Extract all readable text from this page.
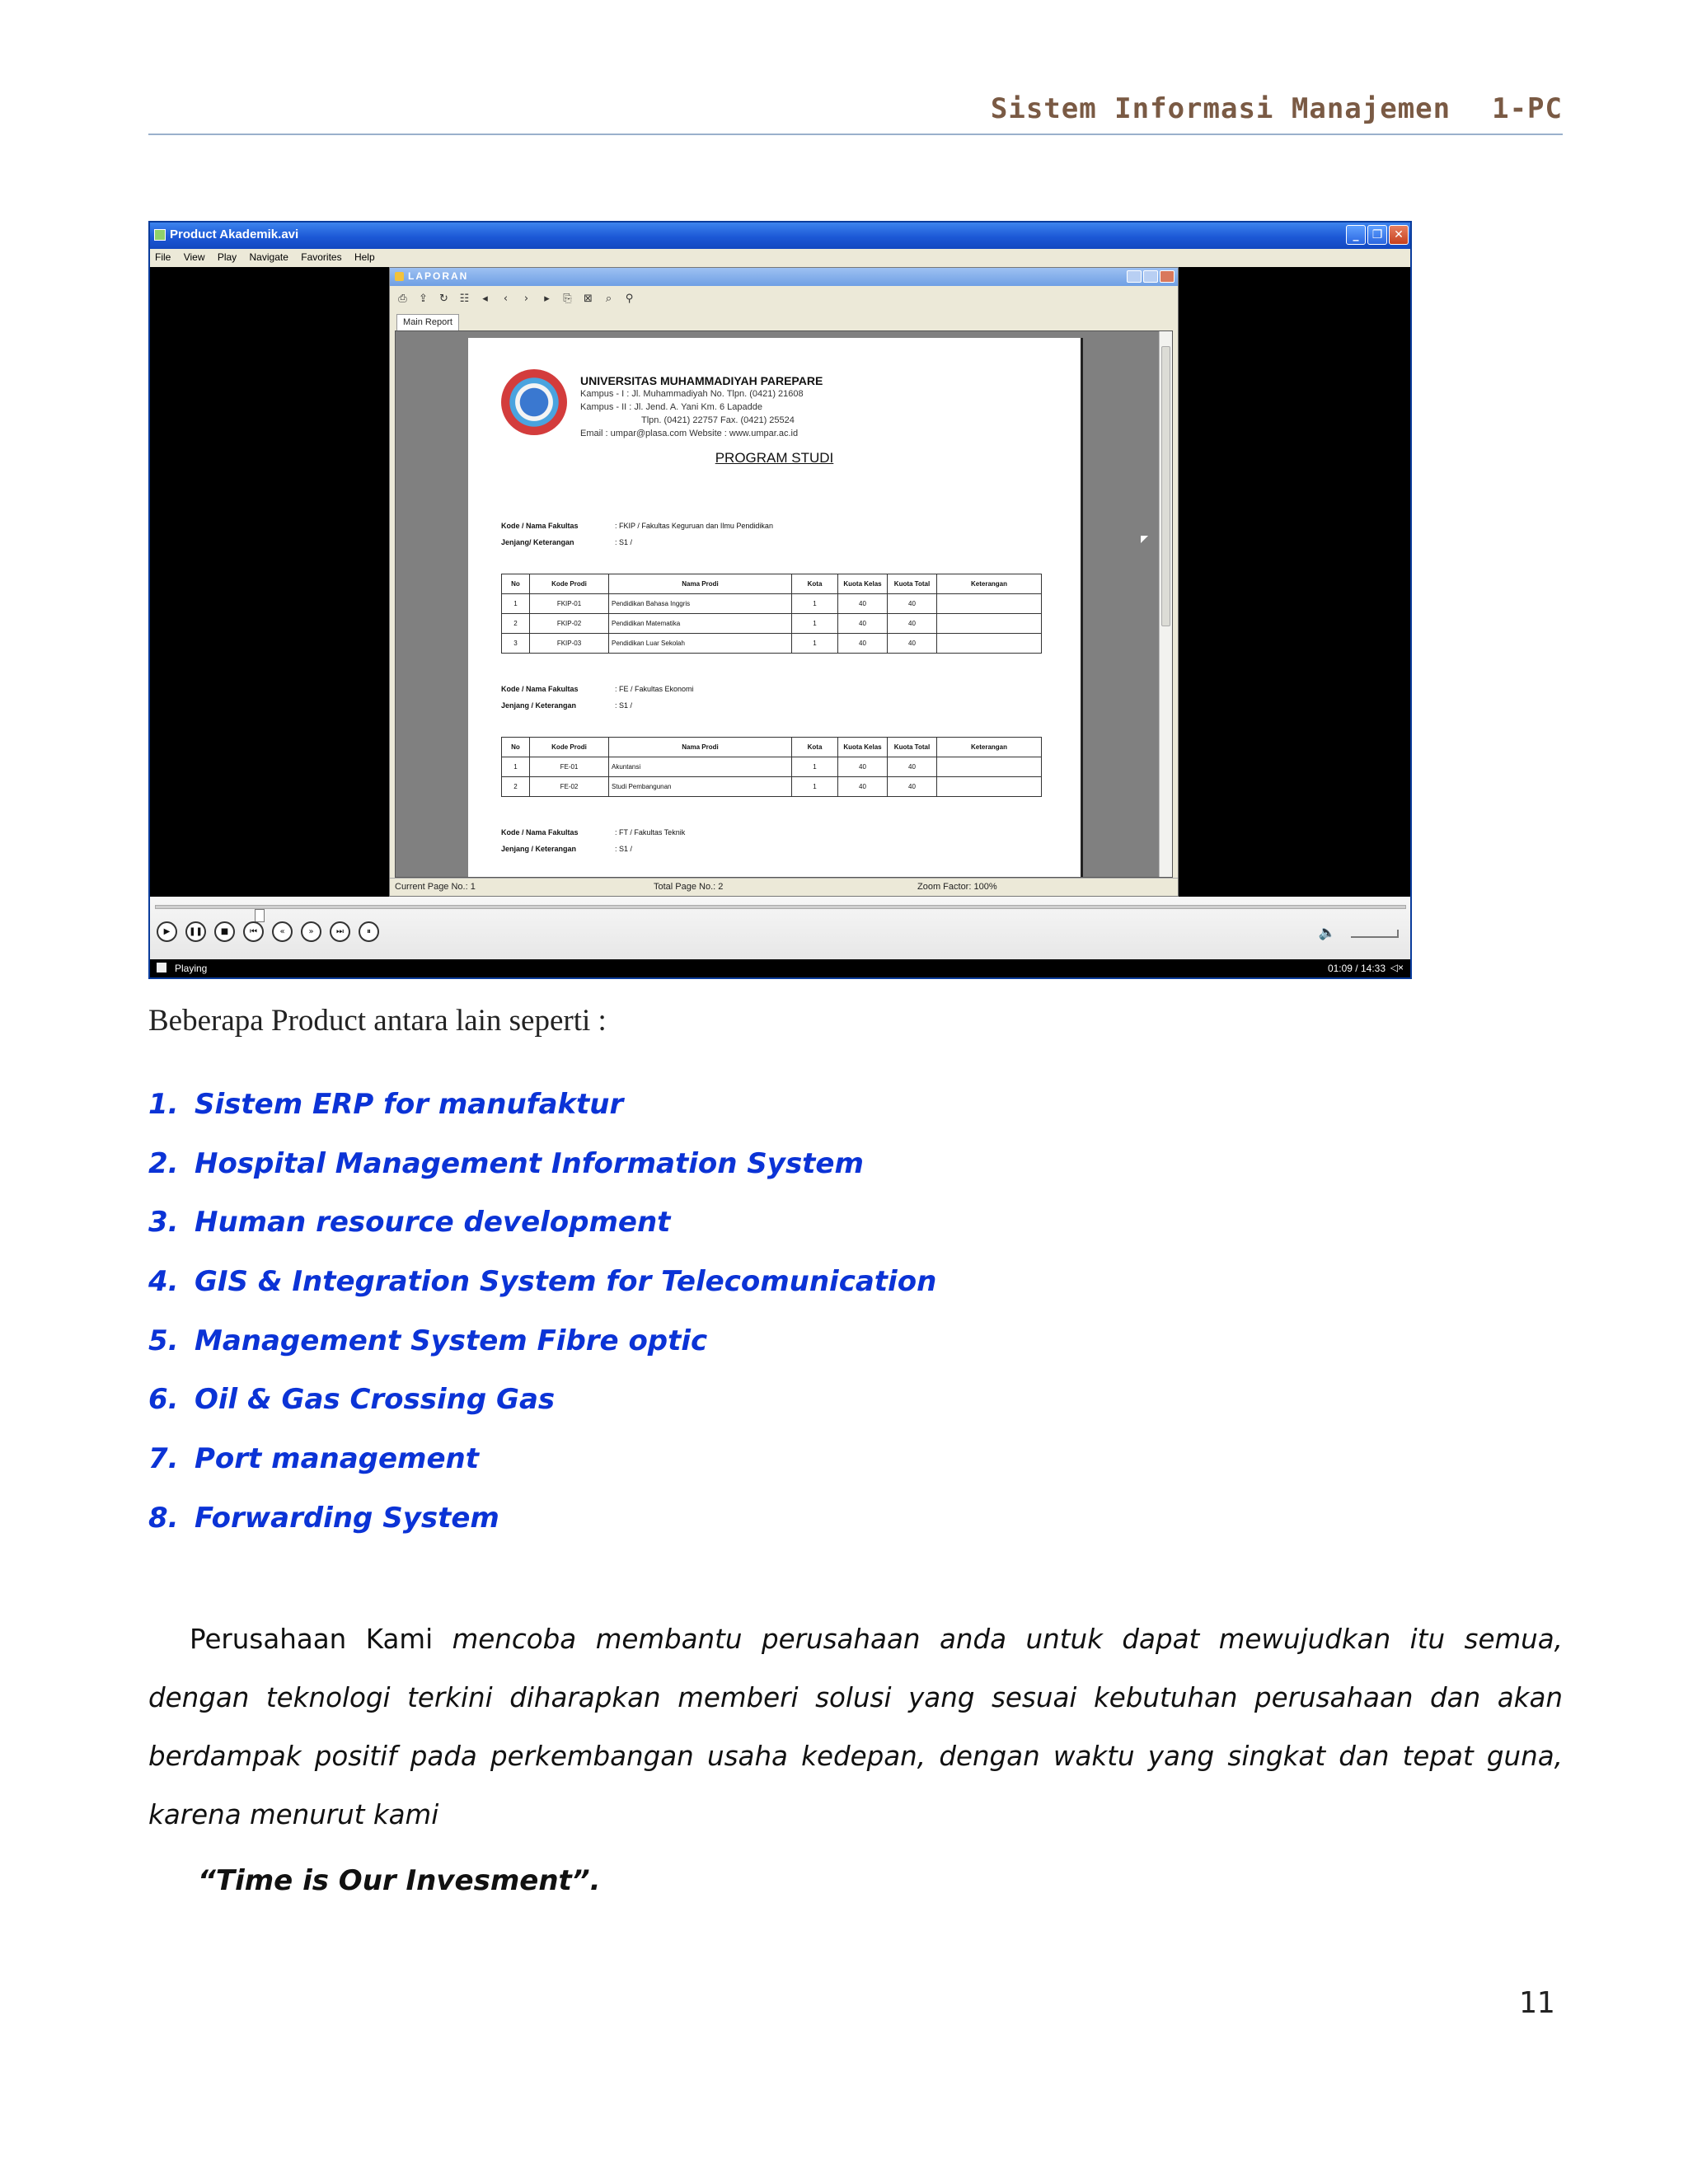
Sistem Informasi Manajemen 1-PC
Product Akademik.avi	_	❐ ✕
File View Play Navigate Favorites Help
LAPORAN
⎙ ⇪ ↻ ☷	◂	‹	›	▸	⎘ ⊠ ⌕ ⚲
Main Report
UNIVERSITAS MUHAMMADIYAH PAREPARE
Kampus - I : Jl. Muhammadiyah No. Tlpn. (0421) 21608
Kampus - II : Jl. Jend. A. Yani Km. 6 Lapadde
Tlpn. (0421) 22757 Fax. (0421) 25524
Email : umpar@plasa.com Website : www.umpar.ac.id
PROGRAM STUDI
Kode / Nama Fakultas	: FKIP / Fakultas Keguruan dan Ilmu Pendidikan
Jenjang/ Keterangan	: S1 /
No	Kode Prodi	Nama Prodi	Kota	Kuota Kelas	Kuota Total	Keterangan
1	FKIP-01	Pendidikan Bahasa Inggris	1	40	40	
2	FKIP-02	Pendidikan Matematika	1	40	40	
3	FKIP-03	Pendidikan Luar Sekolah	1	40	40	
Kode / Nama Fakultas	: FE / Fakultas Ekonomi
Jenjang / Keterangan	: S1 /
No	Kode Prodi	Nama Prodi	Kota	Kuota Kelas	Kuota Total	Keterangan
1	FE-01	Akuntansi	1	40	40	
2	FE-02	Studi Pembangunan	1	40	40	
Kode / Nama Fakultas	: FT / Fakultas Teknik
Jenjang / Keterangan	: S1 /
Current Page No.: 1	Total Page No.: 2	Zoom Factor: 100%
▶	❚❚	■	⏮	«	»	⏭	⏸	🔈
Playing	01:09 / 14:33 ◁×
Beberapa Product antara lain seperti :
1. Sistem ERP for manufaktur
2. Hospital Management Information System
3. Human resource development
4. GIS & Integration System for Telecomunication
5. Management System Fibre optic
6. Oil & Gas Crossing Gas
7. Port management
8. Forwarding System

Perusahaan Kami mencoba membantu perusahaan anda untuk dapat mewujudkan itu semua, dengan teknologi terkini diharapkan memberi solusi yang sesuai kebutuhan perusahaan dan akan berdampak positif pada perkembangan usaha kedepan, dengan waktu yang singkat dan tepat guna, karena menurut kami

“Time is Our Invesment”.
11
